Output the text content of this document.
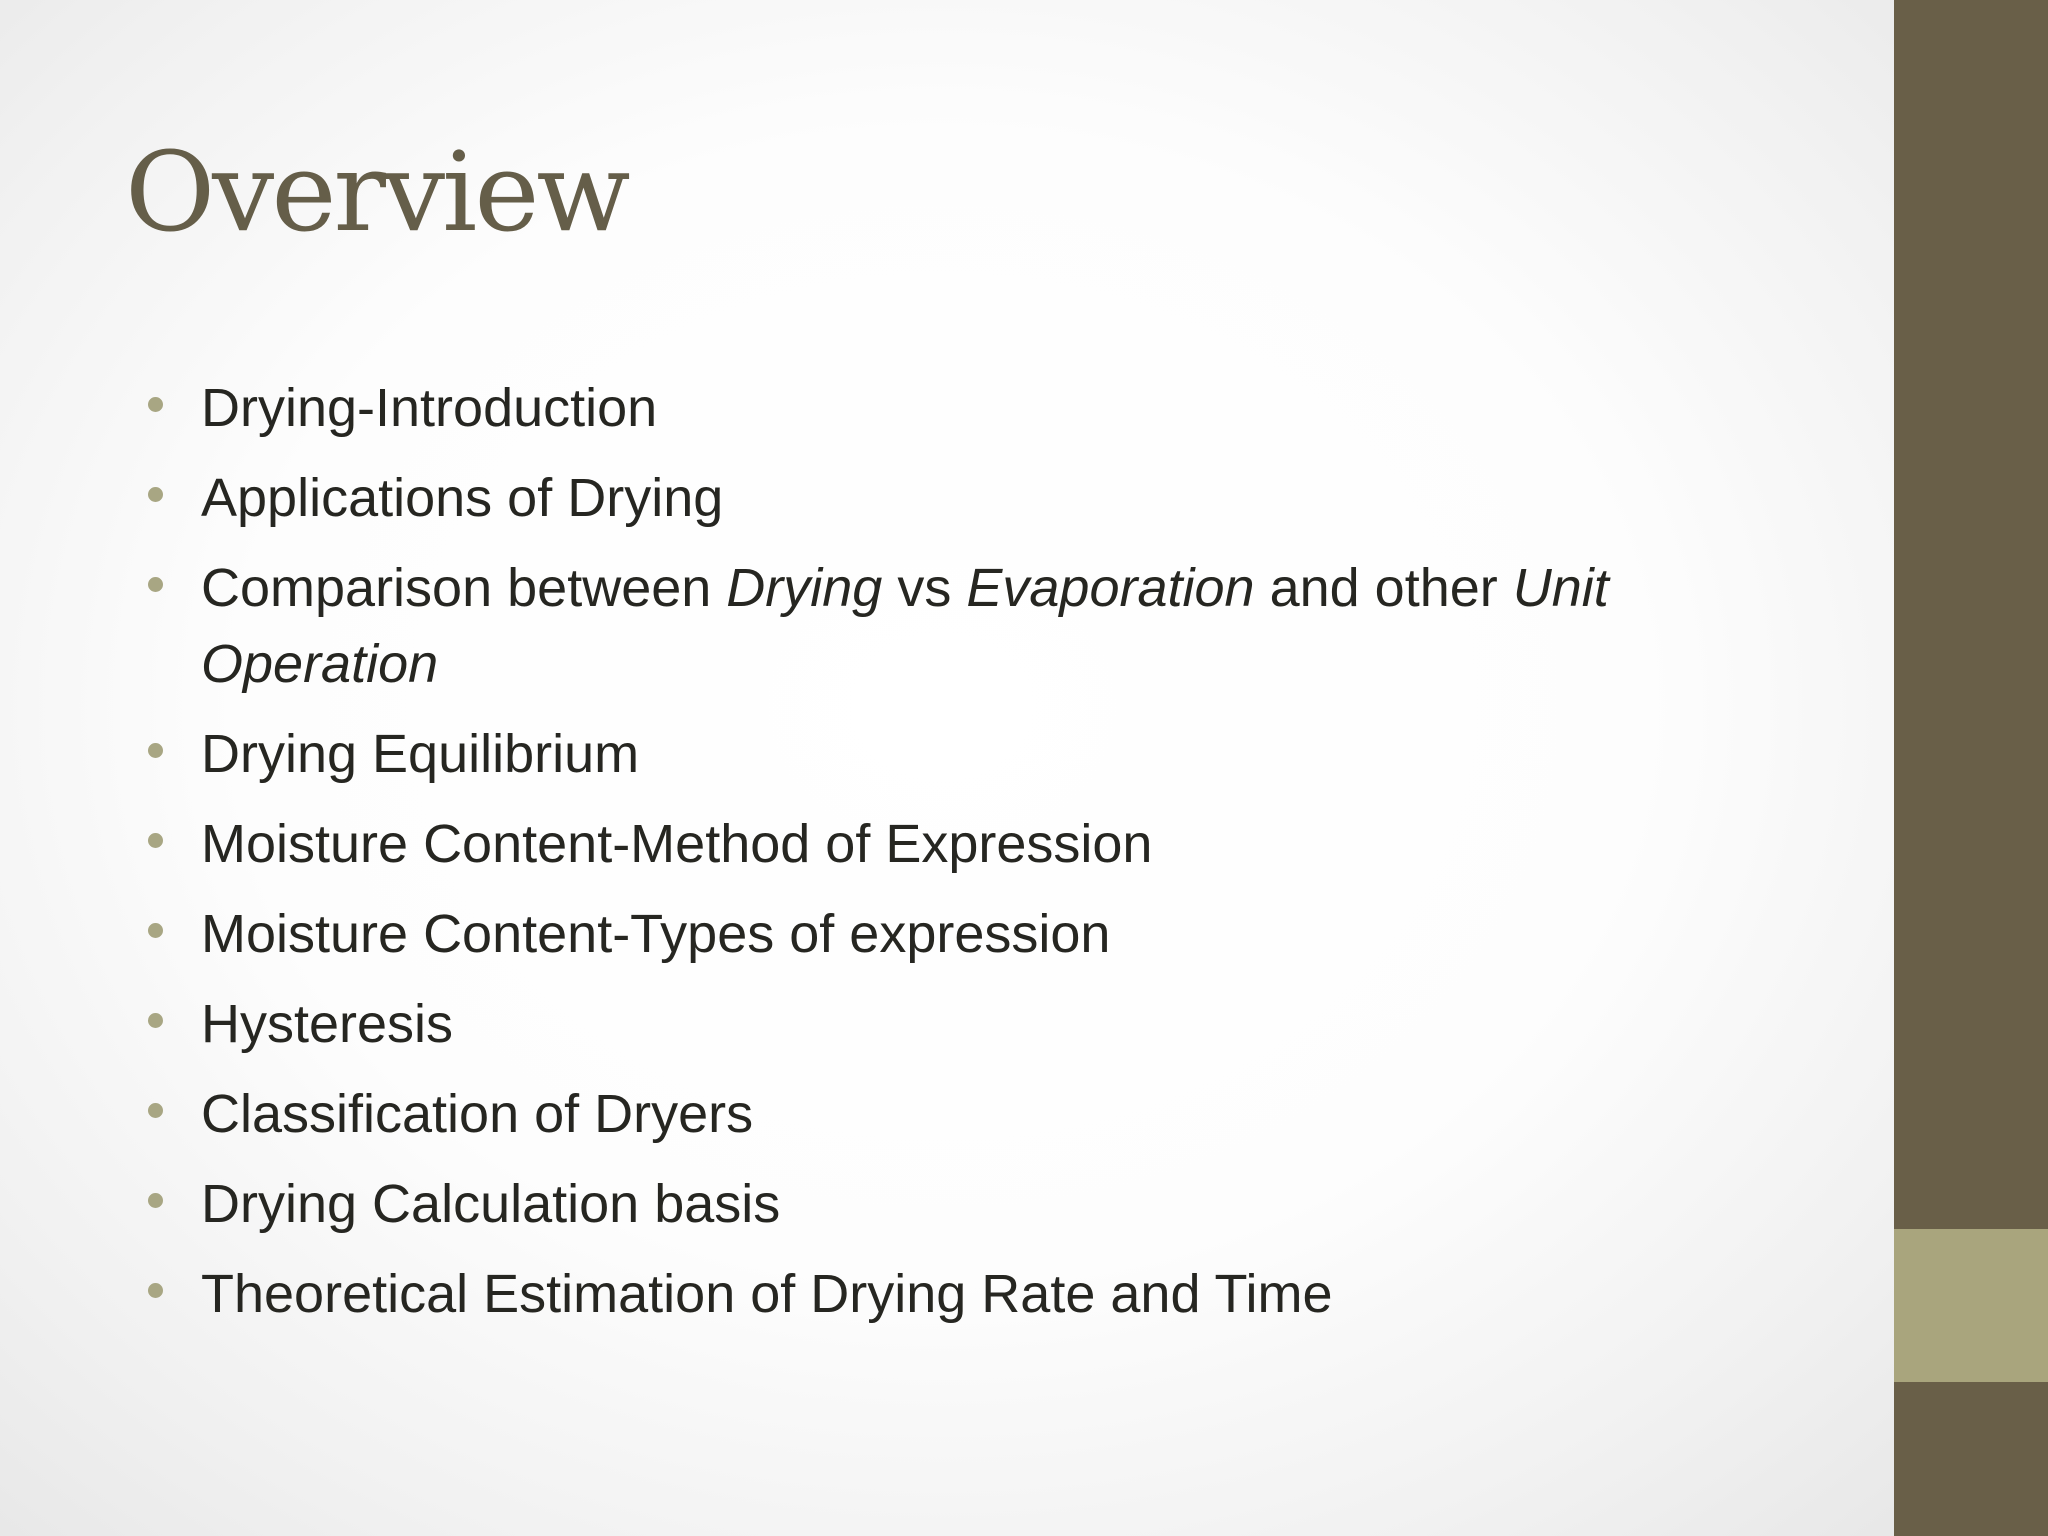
Overview
Drying-Introduction
Applications of Drying
Comparison between Drying vs Evaporation and other Unit Operation
Drying Equilibrium
Moisture Content-Method of Expression
Moisture Content-Types of expression
Hysteresis
Classification of Dryers
Drying Calculation basis
Theoretical Estimation of Drying Rate and Time
